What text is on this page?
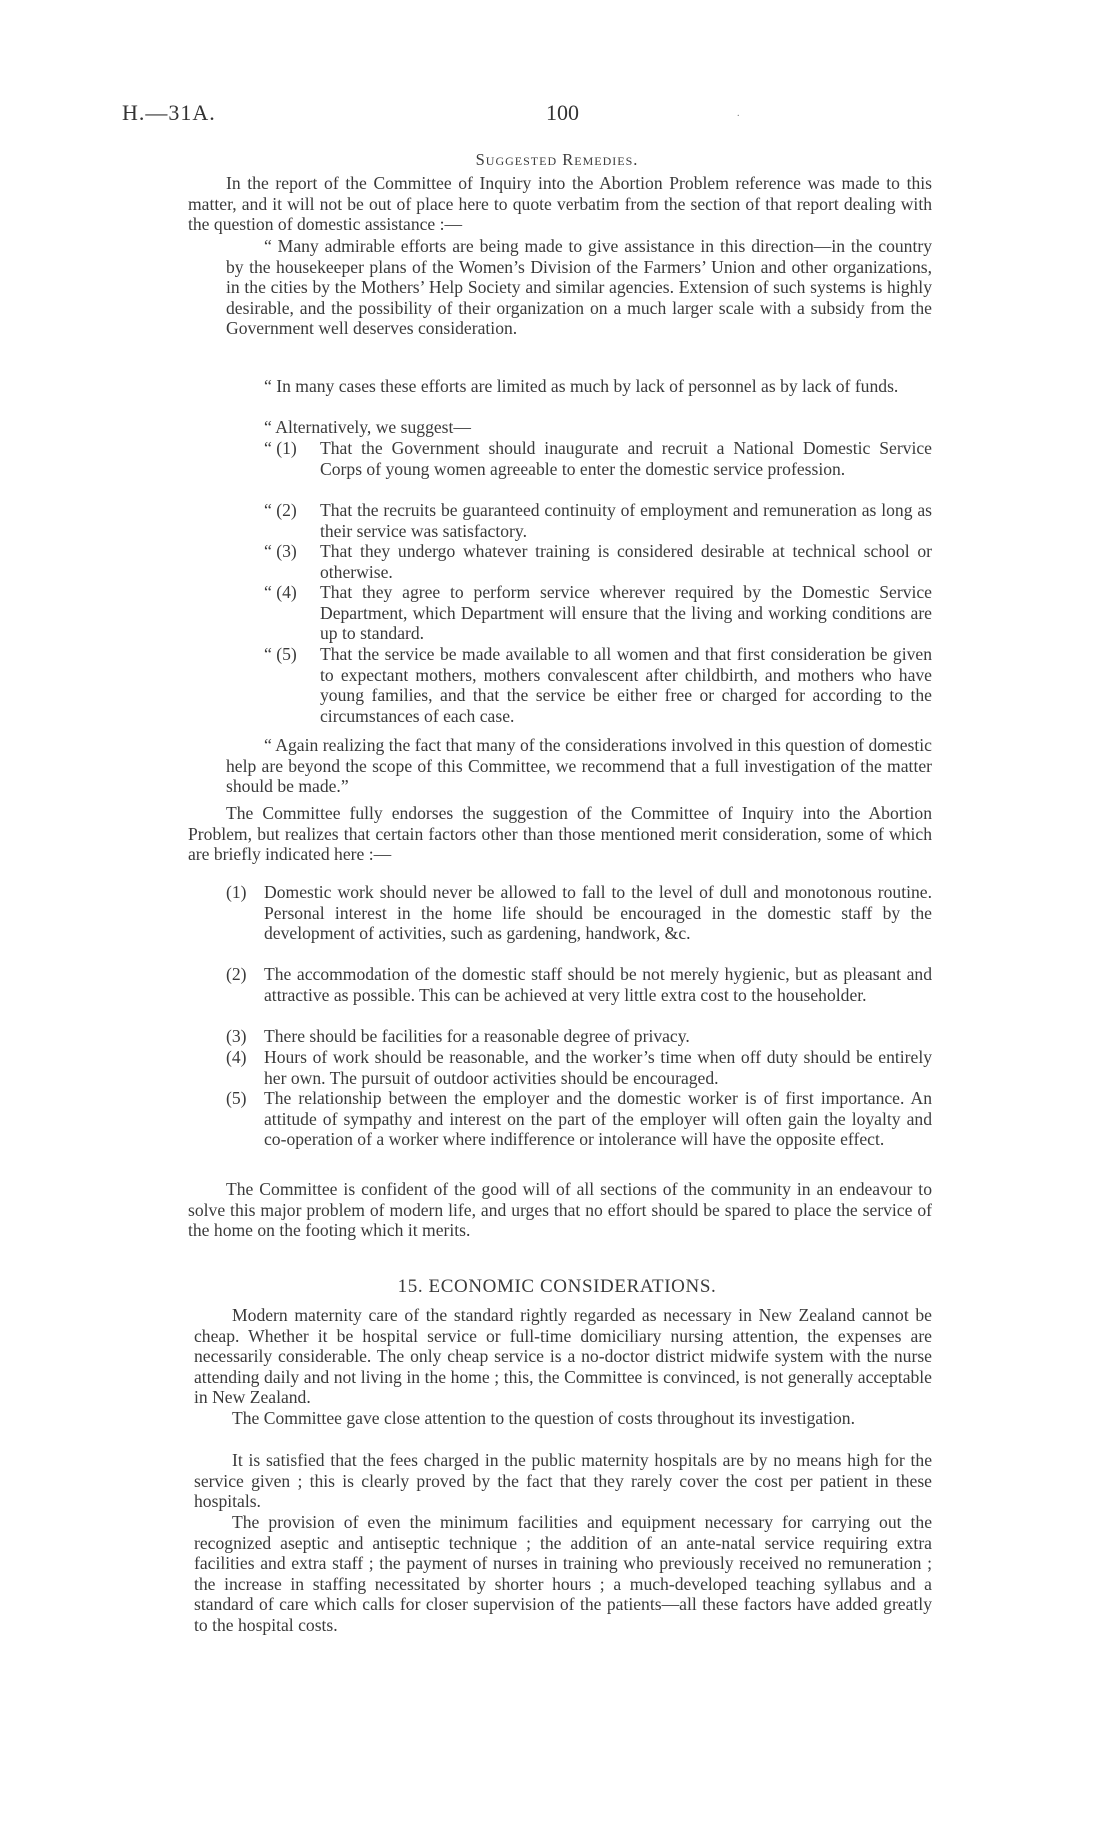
H.—31A.	100	.
Suggested Remedies.

In the report of the Committee of Inquiry into the Abortion Problem reference was made to this matter, and it will not be out of place here to quote verbatim from the section of that report dealing with the question of domestic assistance :—

“ Many admirable efforts are being made to give assistance in this direction—in the country by the housekeeper plans of the Women’s Division of the Farmers’ Union and other organizations, in the cities by the Mothers’ Help Society and similar agencies. Extension of such systems is highly desirable, and the possibility of their organization on a much larger scale with a subsidy from the Government well deserves consideration.

“ In many cases these efforts are limited as much by lack of personnel as by lack of funds.

“ Alternatively, we suggest—

“ (1) That the Government should inaugurate and recruit a National Domestic Service Corps of young women agreeable to enter the domestic service profession.
“ (2) That the recruits be guaranteed continuity of employment and remuneration as long as their service was satisfactory.
“ (3) That they undergo whatever training is considered desirable at technical school or otherwise.
“ (4) That they agree to perform service wherever required by the Domestic Service Department, which Department will ensure that the living and working conditions are up to standard.
“ (5) That the service be made available to all women and that first consideration be given to expectant mothers, mothers convalescent after childbirth, and mothers who have young families, and that the service be either free or charged for according to the circumstances of each case.

“ Again realizing the fact that many of the considerations involved in this question of domestic help are beyond the scope of this Committee, we recommend that a full investigation of the matter should be made.”

The Committee fully endorses the suggestion of the Committee of Inquiry into the Abortion Problem, but realizes that certain factors other than those mentioned merit consideration, some of which are briefly indicated here :—

(1) Domestic work should never be allowed to fall to the level of dull and monotonous routine. Personal interest in the home life should be encouraged in the domestic staff by the development of activities, such as gardening, handwork, &c.
(2) The accommodation of the domestic staff should be not merely hygienic, but as pleasant and attractive as possible. This can be achieved at very little extra cost to the householder.
(3) There should be facilities for a reasonable degree of privacy.
(4) Hours of work should be reasonable, and the worker’s time when off duty should be entirely her own. The pursuit of outdoor activities should be encouraged.
(5) The relationship between the employer and the domestic worker is of first importance. An attitude of sympathy and interest on the part of the employer will often gain the loyalty and co-operation of a worker where indifference or intolerance will have the opposite effect.

The Committee is confident of the good will of all sections of the community in an endeavour to solve this major problem of modern life, and urges that no effort should be spared to place the service of the home on the footing which it merits.

15. ECONOMIC CONSIDERATIONS.

Modern maternity care of the standard rightly regarded as necessary in New Zealand cannot be cheap. Whether it be hospital service or full-time domiciliary nursing attention, the expenses are necessarily considerable. The only cheap service is a no-doctor district midwife system with the nurse attending daily and not living in the home ; this, the Committee is convinced, is not generally acceptable in New Zealand.

The Committee gave close attention to the question of costs throughout its investigation.

It is satisfied that the fees charged in the public maternity hospitals are by no means high for the service given ; this is clearly proved by the fact that they rarely cover the cost per patient in these hospitals.

The provision of even the minimum facilities and equipment necessary for carrying out the recognized aseptic and antiseptic technique ; the addition of an ante-natal service requiring extra facilities and extra staff ; the payment of nurses in training who previously received no remuneration ; the increase in staffing necessitated by shorter hours ; a much-developed teaching syllabus and a standard of care which calls for closer supervision of the patients—all these factors have added greatly to the hospital costs.
